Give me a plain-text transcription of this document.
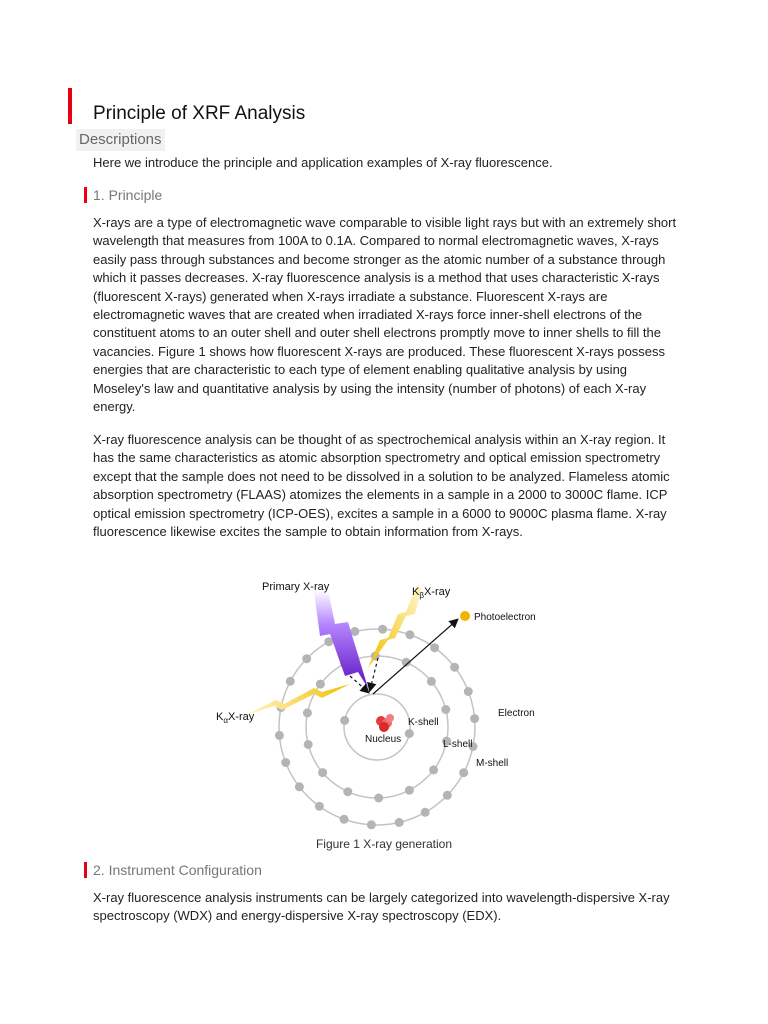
Principle of XRF Analysis
Descriptions
Here we introduce the principle and application examples of X-ray fluorescence.
1. Principle

X-rays are a type of electromagnetic wave comparable to visible light rays but with an extremely short wavelength that measures from 100A to 0.1A. Compared to normal electromagnetic waves, X-rays easily pass through substances and become stronger as the atomic number of a substance through which it passes decreases. X-ray fluorescence analysis is a method that uses characteristic X-rays (fluorescent X-rays) generated when X-rays irradiate a substance. Fluorescent X-rays are electromagnetic waves that are created when irradiated X-rays force inner-shell electrons of the constituent atoms to an outer shell and outer shell electrons promptly move to inner shells to fill the vacancies. Figure 1 shows how fluorescent X-rays are produced. These fluorescent X-rays possess energies that are characteristic to each type of element enabling qualitative analysis by using Moseley's law and quantitative analysis by using the intensity (number of photons) of each X-ray energy.

X-ray fluorescence analysis can be thought of as spectrochemical analysis within an X-ray region. It has the same characteristics as atomic absorption spectrometry and optical emission spectrometry except that the sample does not need to be dissolved in a solution to be analyzed. Flameless atomic absorption spectrometry (FLAAS) atomizes the elements in a sample in a 2000 to 3000C flame. ICP optical emission spectrometry (ICP-OES), excites a sample in a 6000 to 9000C plasma flame. X-ray fluorescence likewise excites the sample to obtain information from X-rays.

Primary X-ray	$K_\beta X$-ray
Photoelectron
$K_\alpha X$-ray	Electron
K-shell
Nucleus	L-shell
M-shell
Figure 1 X-ray generation
2. Instrument Configuration

X-ray fluorescence analysis instruments can be largely categorized into wavelength-dispersive X-ray spectroscopy (WDX) and energy-dispersive X-ray spectroscopy (EDX).
